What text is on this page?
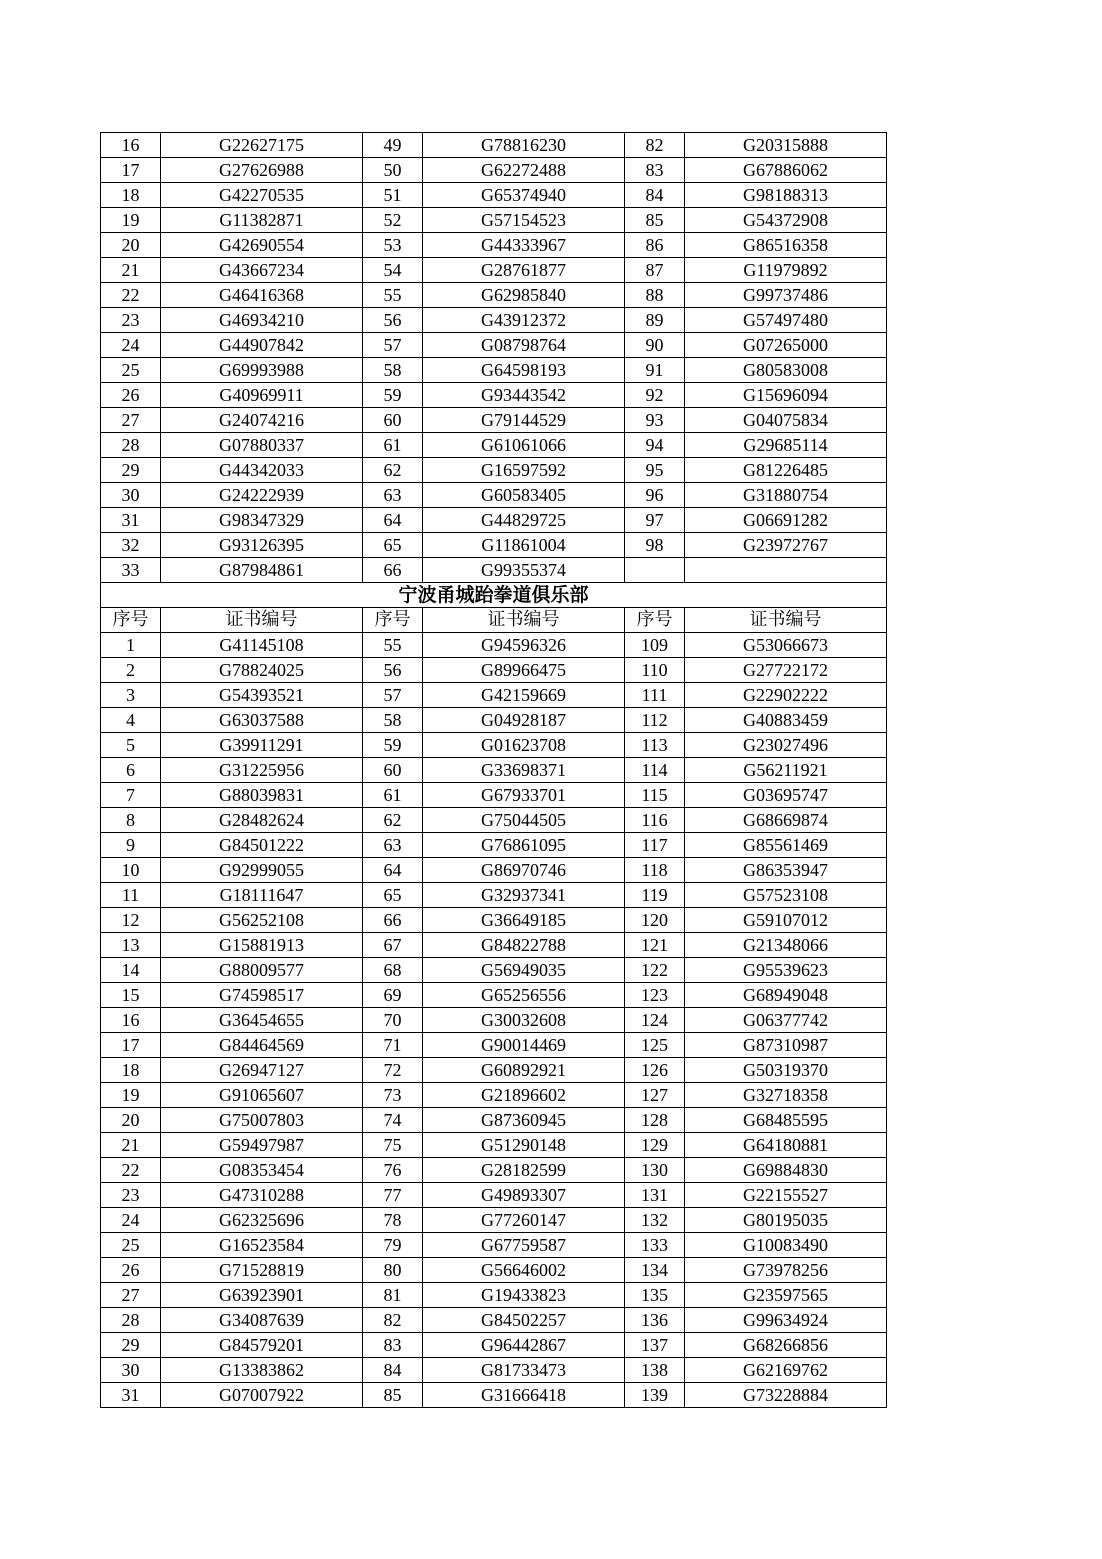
16	G22627175	49	G78816230	82	G20315888
17	G27626988	50	G62272488	83	G67886062
18	G42270535	51	G65374940	84	G98188313
19	G11382871	52	G57154523	85	G54372908
20	G42690554	53	G44333967	86	G86516358
21	G43667234	54	G28761877	87	G11979892
22	G46416368	55	G62985840	88	G99737486
23	G46934210	56	G43912372	89	G57497480
24	G44907842	57	G08798764	90	G07265000
25	G69993988	58	G64598193	91	G80583008
26	G40969911	59	G93443542	92	G15696094
27	G24074216	60	G79144529	93	G04075834
28	G07880337	61	G61061066	94	G29685114
29	G44342033	62	G16597592	95	G81226485
30	G24222939	63	G60583405	96	G31880754
31	G98347329	64	G44829725	97	G06691282
32	G93126395	65	G11861004	98	G23972767
33	G87984861	66	G99355374		
宁波甬城跆拳道俱乐部					
序号	证书编号	序号	证书编号	序号	证书编号
1	G41145108	55	G94596326	109	G53066673
2	G78824025	56	G89966475	110	G27722172
3	G54393521	57	G42159669	111	G22902222
4	G63037588	58	G04928187	112	G40883459
5	G39911291	59	G01623708	113	G23027496
6	G31225956	60	G33698371	114	G56211921
7	G88039831	61	G67933701	115	G03695747
8	G28482624	62	G75044505	116	G68669874
9	G84501222	63	G76861095	117	G85561469
10	G92999055	64	G86970746	118	G86353947
11	G18111647	65	G32937341	119	G57523108
12	G56252108	66	G36649185	120	G59107012
13	G15881913	67	G84822788	121	G21348066
14	G88009577	68	G56949035	122	G95539623
15	G74598517	69	G65256556	123	G68949048
16	G36454655	70	G30032608	124	G06377742
17	G84464569	71	G90014469	125	G87310987
18	G26947127	72	G60892921	126	G50319370
19	G91065607	73	G21896602	127	G32718358
20	G75007803	74	G87360945	128	G68485595
21	G59497987	75	G51290148	129	G64180881
22	G08353454	76	G28182599	130	G69884830
23	G47310288	77	G49893307	131	G22155527
24	G62325696	78	G77260147	132	G80195035
25	G16523584	79	G67759587	133	G10083490
26	G71528819	80	G56646002	134	G73978256
27	G63923901	81	G19433823	135	G23597565
28	G34087639	82	G84502257	136	G99634924
29	G84579201	83	G96442867	137	G68266856
30	G13383862	84	G81733473	138	G62169762
31	G07007922	85	G31666418	139	G73228884
